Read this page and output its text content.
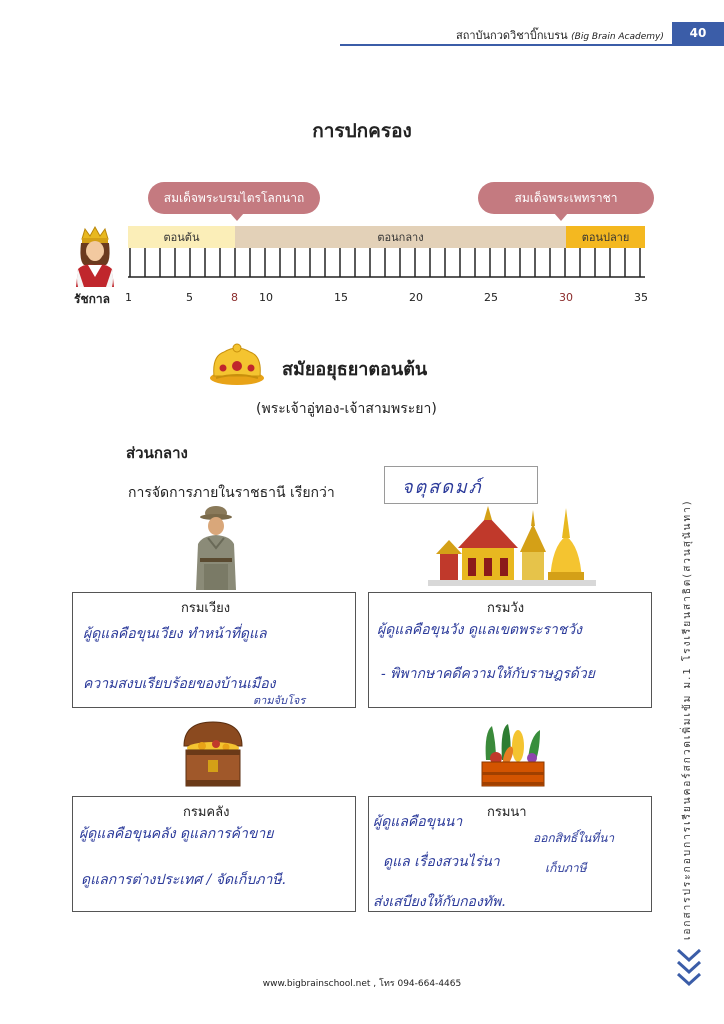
สถาบันกวดวิชาบิ๊กเบรน (Big Brain Academy)	40
การปกครอง
สมเด็จพระบรมไตรโลกนาถ	สมเด็จพระเพทราชา
ตอนต้น	ตอนกลาง	ตอนปลาย
รัชกาล 1	5	8 10	15	20	25	30	35
สมัยอยุธยาตอนต้น
(พระเจ้าอู่ทอง-เจ้าสามพระยา)
ส่วนกลาง
การจัดการภายในราชธานี เรียกว่า	จตุสดมภ์
กรมเวียง
ผู้ดูแลคือขุนเวียง ทำหน้าที่ดูแล
ความสงบเรียบร้อยของบ้านเมือง
ตามจับโจร
กรมวัง
ผู้ดูแลคือขุนวัง ดูแลเขตพระราชวัง
- พิพากษาคดีความให้กับราษฎรด้วย
กรมคลัง
ผู้ดูแลคือขุนคลัง ดูแลการค้าขาย
ดูแลการต่างประเทศ / จัดเก็บภาษี.
กรมนา
ผู้ดูแลคือขุนนา
ออกสิทธิ์ในที่นา
ดูแล เรื่องสวนไร่นา	เก็บภาษี
ส่งเสบียงให้กับกองทัพ.
www.bigbrainschool.net , โทร 094-664-4465
เอกสารประกอบการเรียนคอร์สกวดเพิ่มเข้ม ม.1 โรงเรียนสาธิต(สวนสุนันทา)
